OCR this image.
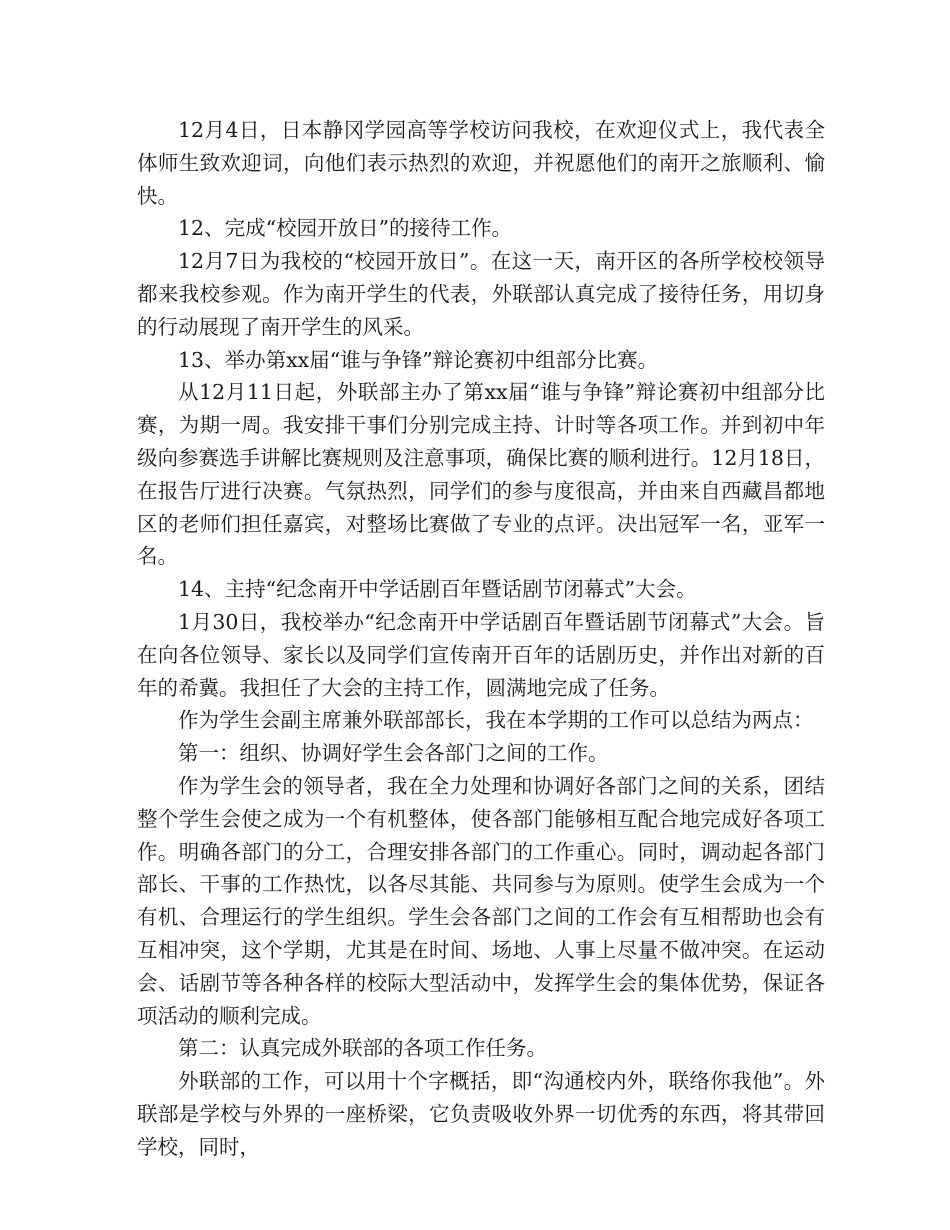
12月4日，日本静冈学园高等学校访问我校，在欢迎仪式上，我代表全体师生致欢迎词，向他们表示热烈的欢迎，并祝愿他们的南开之旅顺利、愉快。

12、完成“校园开放日”的接待工作。

12月7日为我校的“校园开放日”。在这一天，南开区的各所学校校领导都来我校参观。作为南开学生的代表，外联部认真完成了接待任务，用切身的行动展现了南开学生的风采。

13、举办第xx届“谁与争锋”辩论赛初中组部分比赛。

从12月11日起，外联部主办了第xx届“谁与争锋”辩论赛初中组部分比赛，为期一周。我安排干事们分别完成主持、计时等各项工作。并到初中年级向参赛选手讲解比赛规则及注意事项，确保比赛的顺利进行。12月18日，在报告厅进行决赛。气氛热烈，同学们的参与度很高，并由来自西藏昌都地区的老师们担任嘉宾，对整场比赛做了专业的点评。决出冠军一名，亚军一名。

14、主持“纪念南开中学话剧百年暨话剧节闭幕式”大会。

1月30日，我校举办“纪念南开中学话剧百年暨话剧节闭幕式”大会。旨在向各位领导、家长以及同学们宣传南开百年的话剧历史，并作出对新的百年的希冀。我担任了大会的主持工作，圆满地完成了任务。

作为学生会副主席兼外联部部长，我在本学期的工作可以总结为两点：

第一：组织、协调好学生会各部门之间的工作。

作为学生会的领导者，我在全力处理和协调好各部门之间的关系，团结整个学生会使之成为一个有机整体，使各部门能够相互配合地完成好各项工作。明确各部门的分工，合理安排各部门的工作重心。同时，调动起各部门部长、干事的工作热忱，以各尽其能、共同参与为原则。使学生会成为一个有机、合理运行的学生组织。学生会各部门之间的工作会有互相帮助也会有互相冲突，这个学期，尤其是在时间、场地、人事上尽量不做冲突。在运动会、话剧节等各种各样的校际大型活动中，发挥学生会的集体优势，保证各项活动的顺利完成。

第二：认真完成外联部的各项工作任务。

外联部的工作，可以用十个字概括，即“沟通校内外，联络你我他”。外联部是学校与外界的一座桥梁，它负责吸收外界一切优秀的东西，将其带回学校，同时，
